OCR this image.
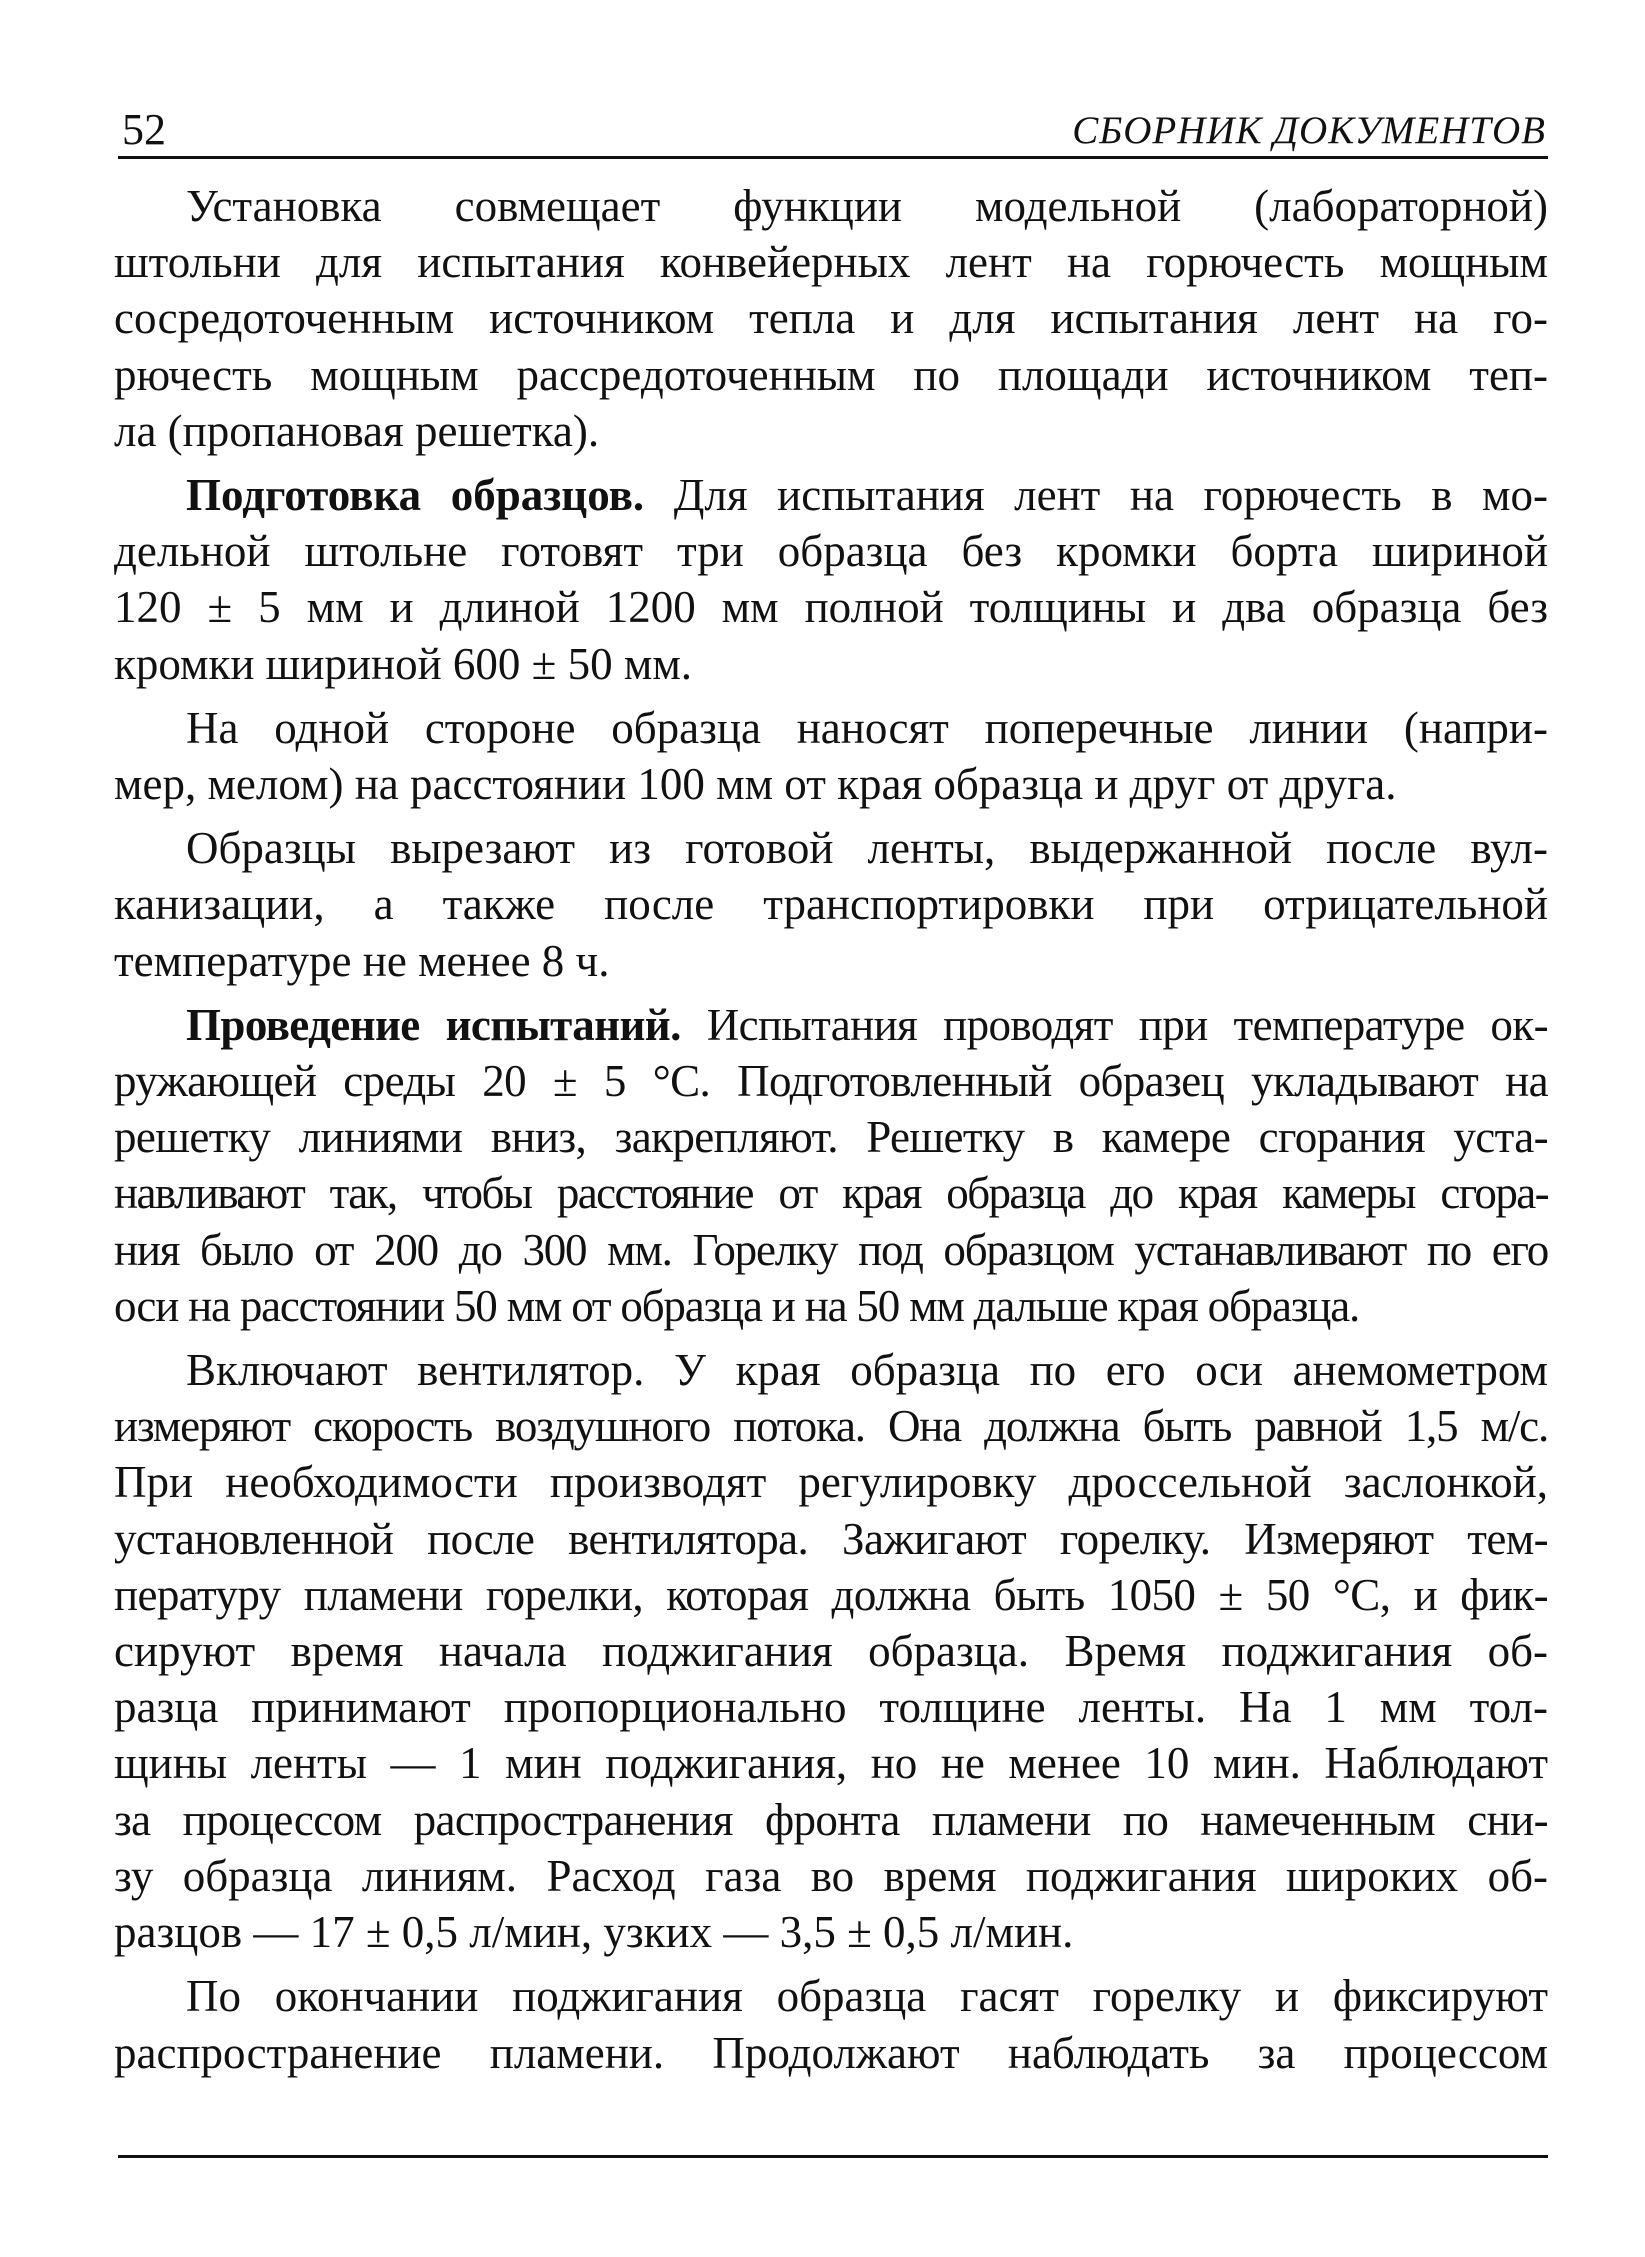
52	СБОРНИК ДОКУМЕНТОВ
Установка совмещает функции модельной (лабораторной)
штольни для испытания конвейерных лент на горючесть мощным
сосредоточенным источником тепла и для испытания лент на го-
рючесть мощным рассредоточенным по площади источником теп-
ла (пропановая решетка).
Подготовка образцов. Для испытания лент на горючесть в мо-
дельной штольне готовят три образца без кромки борта шириной
120 ± 5 мм и длиной 1200 мм полной толщины и два образца без
кромки шириной 600 ± 50 мм.
На одной стороне образца наносят поперечные линии (напри-
мер, мелом) на расстоянии 100 мм от края образца и друг от друга.
Образцы вырезают из готовой ленты, выдержанной после вул-
канизации, а также после транспортировки при отрицательной
температуре не менее 8 ч.
Проведение испытаний. Испытания проводят при температуре ок-
ружающей среды 20 ± 5 °С. Подготовленный образец укладывают на
решетку линиями вниз, закрепляют. Решетку в камере сгорания уста-
навливают так, чтобы расстояние от края образца до края камеры сгора-
ния было от 200 до 300 мм. Горелку под образцом устанавливают по его
оси на расстоянии 50 мм от образца и на 50 мм дальше края образца.
Включают вентилятор. У края образца по его оси анемометром
измеряют скорость воздушного потока. Она должна быть равной 1,5 м/с.
При необходимости производят регулировку дроссельной заслонкой,
установленной после вентилятора. Зажигают горелку. Измеряют тем-
пературу пламени горелки, которая должна быть 1050 ± 50 °С, и фик-
сируют время начала поджигания образца. Время поджигания об-
разца принимают пропорционально толщине ленты. На 1 мм тол-
щины ленты — 1 мин поджигания, но не менее 10 мин. Наблюдают
за процессом распространения фронта пламени по намеченным сни-
зу образца линиям. Расход газа во время поджигания широких об-
разцов — 17 ± 0,5 л/мин, узких — 3,5 ± 0,5 л/мин.
По окончании поджигания образца гасят горелку и фиксируют
распространение пламени. Продолжают наблюдать за процессом
